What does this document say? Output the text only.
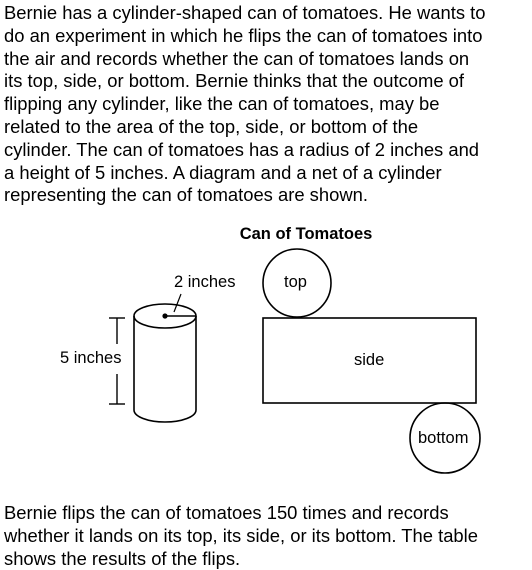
Bernie has a cylinder-shaped can of tomatoes. He wants to
do an experiment in which he flips the can of tomatoes into
the air and records whether the can of tomatoes lands on
its top, side, or bottom. Bernie thinks that the outcome of
flipping any cylinder, like the can of tomatoes, may be
related to the area of the top, side, or bottom of the
cylinder. The can of tomatoes has a radius of 2 inches and
a height of 5 inches. A diagram and a net of a cylinder
representing the can of tomatoes are shown.

Can of Tomatoes
2 inches
5 inches
top
side
bottom

Bernie flips the can of tomatoes 150 times and records
whether it lands on its top, its side, or its bottom. The table
shows the results of the flips.
